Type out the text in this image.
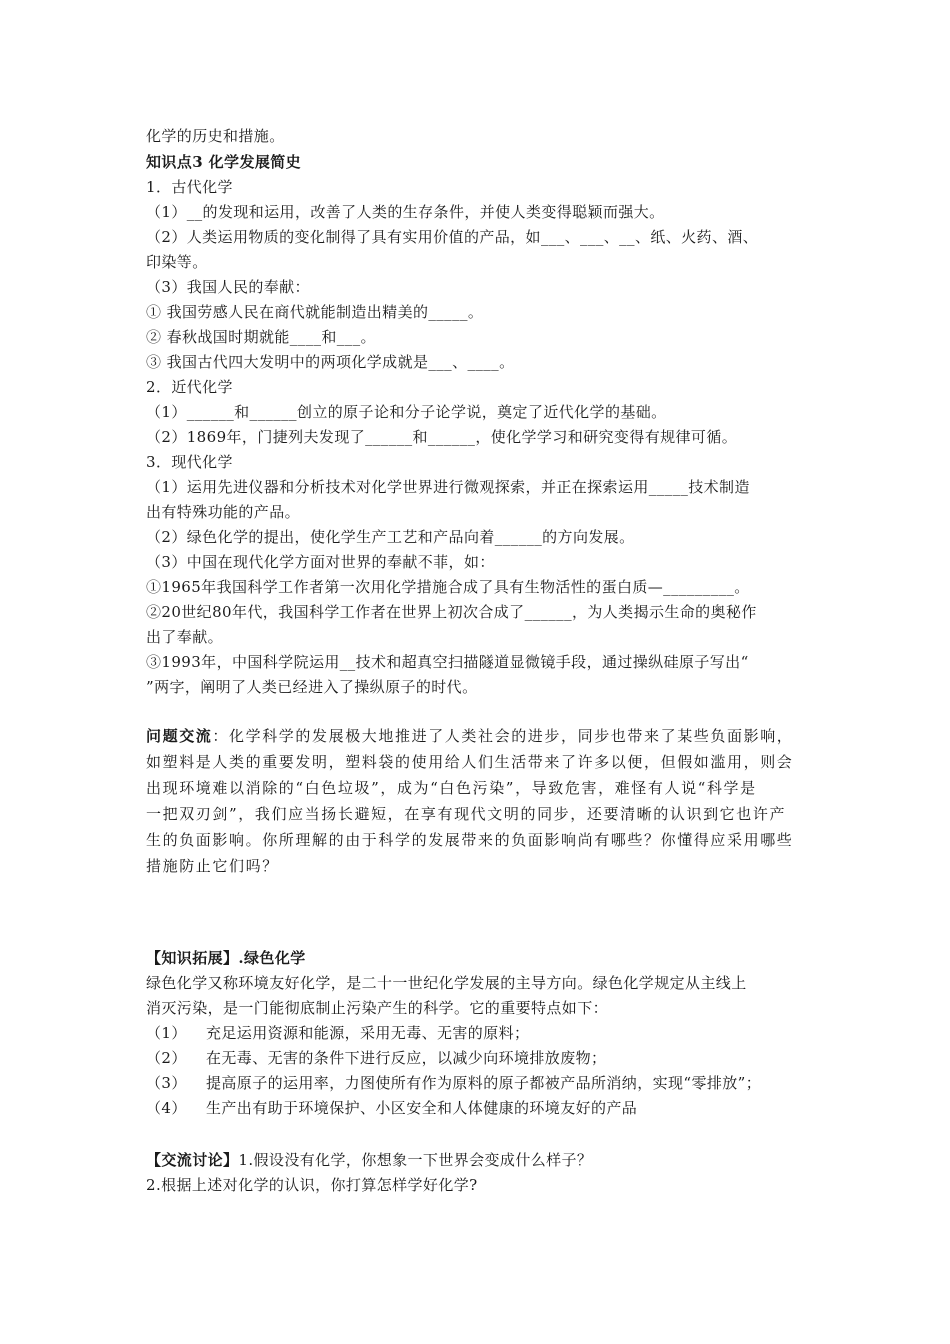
化学的历史和措施。
知识点3 化学发展简史
1．古代化学
（1）__的发现和运用，改善了人类的生存条件，并使人类变得聪颖而强大。
（2）人类运用物质的变化制得了具有实用价值的产品，如___、___、__、纸、火药、酒、
印染等。
（3）我国人民的奉献：
① 我国劳感人民在商代就能制造出精美的_____。
② 春秋战国时期就能____和___。
③ 我国古代四大发明中的两项化学成就是___、____。
2．近代化学
（1）______和______创立的原子论和分子论学说，奠定了近代化学的基础。
（2）1869年，门捷列夫发现了______和______，使化学学习和研究变得有规律可循。
3．现代化学
（1）运用先进仪器和分析技术对化学世界进行微观探索，并正在探索运用_____技术制造
出有特殊功能的产品。
（2）绿色化学的提出，使化学生产工艺和产品向着______的方向发展。
（3）中国在现代化学方面对世界的奉献不菲，如：
①1965年我国科学工作者第一次用化学措施合成了具有生物活性的蛋白质—_________。
②20世纪80年代，我国科学工作者在世界上初次合成了______，为人类揭示生命的奥秘作
出了奉献。
③1993年，中国科学院运用__技术和超真空扫描隧道显微镜手段，通过操纵硅原子写出“
”两字，阐明了人类已经进入了操纵原子的时代。
问题交流：化学科学的发展极大地推进了人类社会的进步，同步也带来了某些负面影响，
如塑料是人类的重要发明，塑料袋的使用给人们生活带来了许多以便，但假如滥用，则会
出现环境难以消除的“白色垃圾”，成为“白色污染”，导致危害，难怪有人说“科学是
一把双刃剑”，我们应当扬长避短，在享有现代文明的同步，还要清晰的认识到它也许产
生的负面影响。你所理解的由于科学的发展带来的负面影响尚有哪些？你懂得应采用哪些
措施防止它们吗？
【知识拓展】.绿色化学
绿色化学又称环境友好化学，是二十一世纪化学发展的主导方向。绿色化学规定从主线上
消灭污染，是一门能彻底制止污染产生的科学。它的重要特点如下：
（1） 充足运用资源和能源，采用无毒、无害的原料；
（2） 在无毒、无害的条件下进行反应，以减少向环境排放废物；
（3） 提高原子的运用率，力图使所有作为原料的原子都被产品所消纳，实现“零排放”；
（4） 生产出有助于环境保护、小区安全和人体健康的环境友好的产品
【交流讨论】1.假设没有化学，你想象一下世界会变成什么样子？
2.根据上述对化学的认识，你打算怎样学好化学?
